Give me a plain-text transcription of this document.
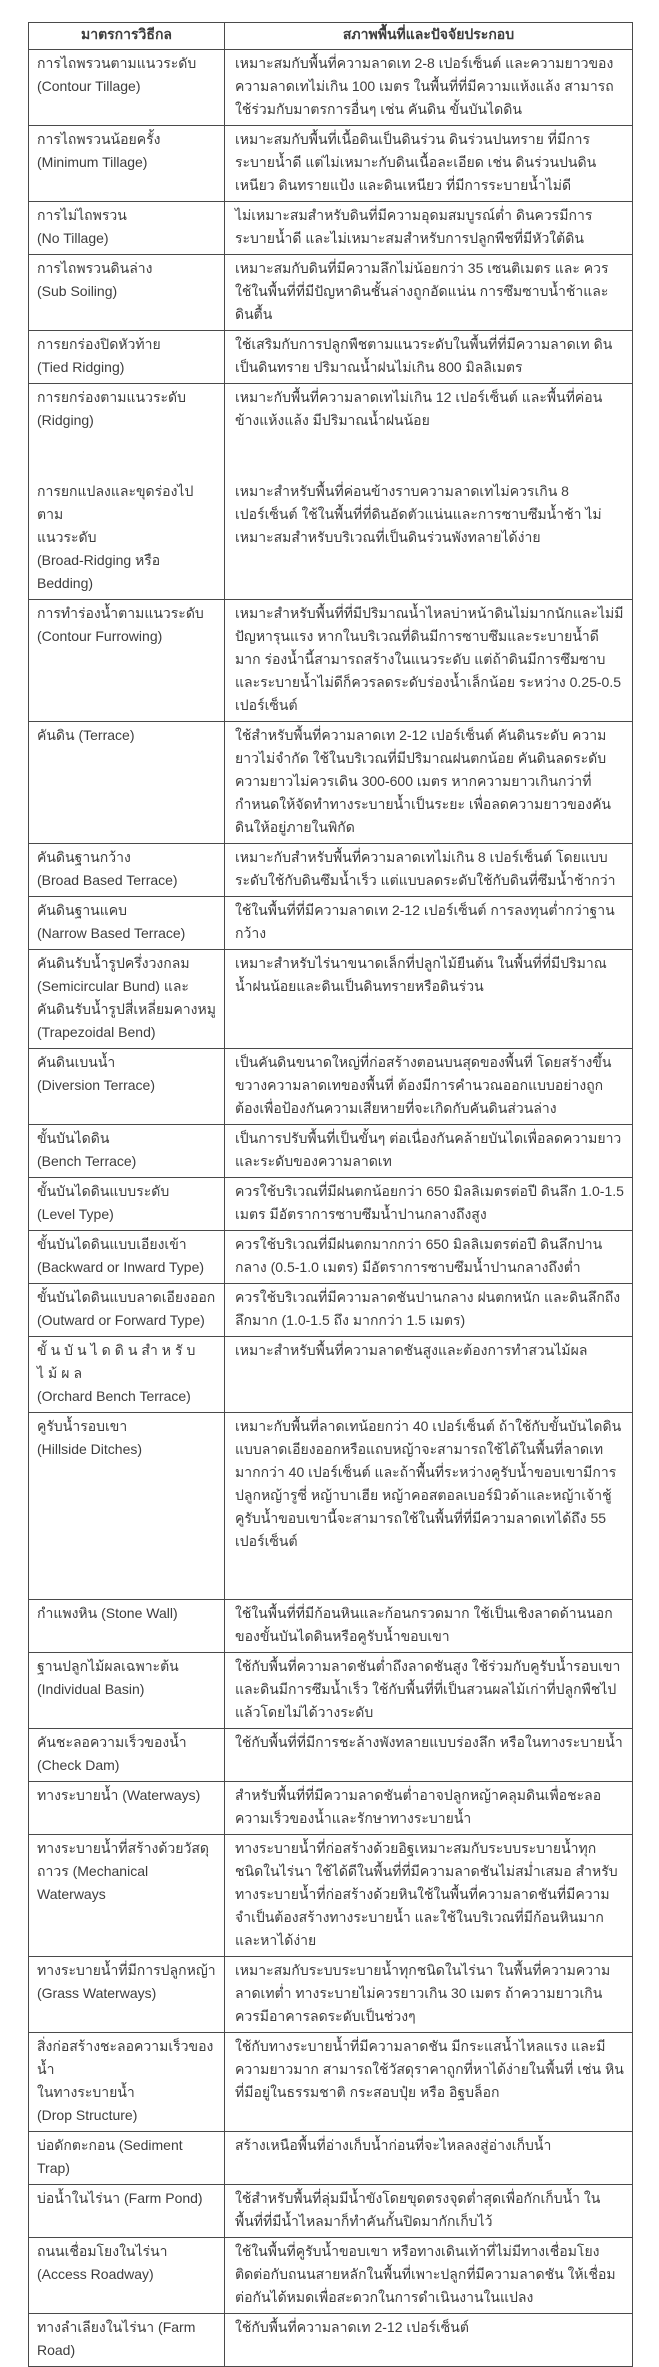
มาตรการวิธีกล	สภาพพื้นที่และปัจจัยประกอบ

การไถพรวนตามแนวระดับ
(Contour Tillage)	เหมาะสมกับพื้นที่ความลาดเท 2-8 เปอร์เซ็นต์ และความยาวของความลาดเทไม่เกิน 100 เมตร ในพื้นที่ที่มีความแห้งแล้ง สามารถใช้ร่วมกับมาตรการอื่นๆ เช่น คันดิน ขั้นบันไดดิน

การไถพรวนน้อยครั้ง
(Minimum Tillage)	เหมาะสมกับพื้นที่เนื้อดินเป็นดินร่วน ดินร่วนปนทราย ที่มีการระบายน้ำดี แต่ไม่เหมาะกับดินเนื้อละเอียด เช่น ดินร่วนปนดินเหนียว ดินทรายแป้ง และดินเหนียว ที่มีการระบายน้ำไม่ดี

การไม่ไถพรวน
(No Tillage)	ไม่เหมาะสมสำหรับดินที่มีความอุดมสมบูรณ์ต่ำ ดินควรมีการระบายน้ำดี และไม่เหมาะสมสำหรับการปลูกพืชที่มีหัวใต้ดิน

การไถพรวนดินล่าง
(Sub Soiling)	เหมาะสมกับดินที่มีความลึกไม่น้อยกว่า 35 เซนติเมตร และ ควรใช้ในพื้นที่ที่มีปัญหาดินชั้นล่างถูกอัดแน่น การซึมซาบน้ำช้าและดินตื้น

การยกร่องปิดหัวท้าย
(Tied Ridging)	ใช้เสริมกับการปลูกพืชตามแนวระดับในพื้นที่ที่มีความลาดเท ดินเป็นดินทราย ปริมาณน้ำฝนไม่เกิน 800 มิลลิเมตร

การยกร่องตามแนวระดับ
(Ridging)	เหมาะกับพื้นที่ความลาดเทไม่เกิน 12 เปอร์เซ็นต์ และพื้นที่ค่อนข้างแห้งแล้ง มีปริมาณน้ำฝนน้อย

การยกแปลงและขุดร่องไปตาม
แนวระดับ
(Broad-Ridging หรือ Bedding)	เหมาะสำหรับพื้นที่ค่อนข้างราบความลาดเทไม่ควรเกิน 8 เปอร์เซ็นต์ ใช้ในพื้นที่ที่ดินอัดตัวแน่นและการซาบซึมน้ำช้า ไม่เหมาะสมสำหรับบริเวณที่เป็นดินร่วนพังทลายได้ง่าย

การทำร่องน้ำตามแนวระดับ
(Contour Furrowing)	เหมาะสำหรับพื้นที่ที่มีปริมาณน้ำไหลบ่าหน้าดินไม่มากนักและไม่มีปัญหารุนแรง หากในบริเวณที่ดินมีการซาบซึมและระบายน้ำดีมาก ร่องน้ำนี้สามารถสร้างในแนวระดับ แต่ถ้าดินมีการซึมซาบและระบายน้ำไม่ดีก็ควรลดระดับร่องน้ำเล็กน้อย ระหว่าง 0.25-0.5 เปอร์เซ็นต์

คันดิน (Terrace)	ใช้สำหรับพื้นที่ความลาดเท 2-12 เปอร์เซ็นต์ คันดินระดับ ความยาวไม่จำกัด ใช้ในบริเวณที่มีปริมาณฝนตกน้อย คันดินลดระดับ ความยาวไม่ควรเดิน 300-600 เมตร หากความยาวเกินกว่าที่กำหนดให้จัดทำทางระบายน้ำเป็นระยะ เพื่อลดความยาวของคันดินให้อยู่ภายในพิกัด

คันดินฐานกว้าง
(Broad Based Terrace)	เหมาะกับสำหรับพื้นที่ความลาดเทไม่เกิน 8 เปอร์เซ็นต์ โดยแบบระดับใช้กับดินซึมน้ำเร็ว แต่แบบลดระดับใช้กับดินที่ซึมน้ำช้ากว่า

คันดินฐานแคบ
(Narrow Based Terrace)	ใช้ในพื้นที่ที่มีความลาดเท 2-12 เปอร์เซ็นต์ การลงทุนต่ำกว่าฐานกว้าง

คันดินรับน้ำรูปครึ่งวงกลม
(Semicircular Bund) และ
คันดินรับน้ำรูปสี่เหลี่ยมคางหมู
(Trapezoidal Bend)	เหมาะสำหรับไร่นาขนาดเล็กที่ปลูกไม้ยืนต้น ในพื้นที่ที่มีปริมาณน้ำฝนน้อยและดินเป็นดินทรายหรือดินร่วน

คันดินเบนน้ำ
(Diversion Terrace)	เป็นคันดินขนาดใหญ่ที่ก่อสร้างตอนบนสุดของพื้นที่ โดยสร้างขึ้นขวางความลาดเทของพื้นที่ ต้องมีการคำนวณออกแบบอย่างถูกต้องเพื่อป้องกันความเสียหายที่จะเกิดกับคันดินส่วนล่าง

ขั้นบันไดดิน
(Bench Terrace)	เป็นการปรับพื้นที่เป็นขั้นๆ ต่อเนื่องกันคล้ายบันไดเพื่อลดความยาวและระดับของความลาดเท

ขั้นบันไดดินแบบระดับ
(Level Type)	ควรใช้บริเวณที่มีฝนตกน้อยกว่า 650 มิลลิเมตรต่อปี ดินลึก 1.0-1.5 เมตร มีอัตราการซาบซึมน้ำปานกลางถึงสูง

ขั้นบันไดดินแบบเอียงเข้า
(Backward or Inward Type)	ควรใช้บริเวณที่มีฝนตกมากกว่า 650 มิลลิเมตรต่อปี ดินลึกปานกลาง (0.5-1.0 เมตร) มีอัตราการซาบซึมน้ำปานกลางถึงต่ำ

ขั้นบันไดดินแบบลาดเอียงออก
(Outward or Forward Type)	ควรใช้บริเวณที่มีความลาดชันปานกลาง ฝนตกหนัก และดินลึกถึงลึกมาก (1.0-1.5 ถึง มากกว่า 1.5 เมตร)

ขั้นบันไดดินสำหรับไม้ผล
(Orchard Bench Terrace)	เหมาะสำหรับพื้นที่ความลาดชันสูงและต้องการทำสวนไม้ผล

คูรับน้ำรอบเขา
(Hillside Ditches)	เหมาะกับพื้นที่ลาดเทน้อยกว่า 40 เปอร์เซ็นต์ ถ้าใช้กับขั้นบันไดดินแบบลาดเอียงออกหรือแถบหญ้าจะสามารถใช้ได้ในพื้นที่ลาดเทมากกว่า 40 เปอร์เซ็นต์ และถ้าพื้นที่ระหว่างคูรับน้ำขอบเขามีการปลูกหญ้ารูซี่ หญ้าบาเฮีย หญ้าคอสตอลเบอร์มิวด้าและหญ้าเจ้าชู้ คูรับน้ำขอบเขานี้จะสามารถใช้ในพื้นที่ที่มีความลาดเทได้ถึง 55 เปอร์เซ็นต์

กำแพงหิน (Stone Wall)	ใช้ในพื้นที่ที่มีก้อนหินและก้อนกรวดมาก ใช้เป็นเชิงลาดด้านนอกของขั้นบันไดดินหรือคูรับน้ำขอบเขา

ฐานปลูกไม้ผลเฉพาะต้น
(Individual Basin)	ใช้กับพื้นที่ความลาดชันต่ำถึงลาดชันสูง ใช้ร่วมกับคูรับน้ำรอบเขาและดินมีการซึมน้ำเร็ว ใช้กับพื้นที่ที่เป็นสวนผลไม้เก่าที่ปลูกพืชไปแล้วโดยไม่ได้วางระดับ

คันชะลอความเร็วของน้ำ
(Check Dam)	ใช้กับพื้นที่ที่มีการชะล้างพังทลายแบบร่องลึก หรือในทางระบายน้ำ

ทางระบายน้ำ (Waterways)	สำหรับพื้นที่ที่มีความลาดชันต่ำอาจปลูกหญ้าคลุมดินเพื่อชะลอความเร็วของน้ำและรักษาทางระบายน้ำ

ทางระบายน้ำที่สร้างด้วยวัสดุ
ถาวร (Mechanical Waterways	ทางระบายน้ำที่ก่อสร้างด้วยอิฐเหมาะสมกับระบบระบายน้ำทุกชนิดในไร่นา ใช้ได้ดีในพื้นที่ที่มีความลาดชันไม่สม่ำเสมอ สำหรับทางระบายน้ำที่ก่อสร้างด้วยหินใช้ในพื้นที่ความลาดชันที่มีความจำเป็นต้องสร้างทางระบายน้ำ และใช้ในบริเวณที่มีก้อนหินมากและหาได้ง่าย

ทางระบายน้ำที่มีการปลูกหญ้า
(Grass Waterways)	เหมาะสมกับระบบระบายน้ำทุกชนิดในไร่นา ในพื้นที่ความความลาดเทต่ำ ทางระบายไม่ควรยาวเกิน 30 เมตร ถ้าความยาวเกินควรมีอาคารลดระดับเป็นช่วงๆ

สิ่งก่อสร้างชะลอความเร็วของน้ำ
ในทางระบายน้ำ
(Drop Structure)	ใช้กับทางระบายน้ำที่มีความลาดชัน มีกระแสน้ำไหลแรง และมีความยาวมาก สามารถใช้วัสดุราคาถูกที่หาได้ง่ายในพื้นที่ เช่น หินที่มีอยู่ในธรรมชาติ กระสอบปุ๋ย หรือ อิฐบล็อก

บ่อดักตะกอน (Sediment Trap)	สร้างเหนือพื้นที่อ่างเก็บน้ำก่อนที่จะไหลลงสู่อ่างเก็บน้ำ

บ่อน้ำในไร่นา (Farm Pond)	ใช้สำหรับพื้นที่ลุ่มมีน้ำขังโดยขุดตรงจุดต่ำสุดเพื่อกักเก็บน้ำ ในพื้นที่ที่มีน้ำไหลมาก็ทำคันกั้นปิดมากักเก็บไว้

ถนนเชื่อมโยงในไร่นา
(Access Roadway)	ใช้ในพื้นที่คูรับน้ำขอบเขา หรือทางเดินเท้าที่ไม่มีทางเชื่อมโยงติดต่อกับถนนสายหลักในพื้นที่เพาะปลูกที่มีความลาดชัน ให้เชื่อมต่อกันได้หมดเพื่อสะดวกในการดำเนินงานในแปลง

ทางลำเลียงในไร่นา (Farm Road)	ใช้กับพื้นที่ความลาดเท 2-12 เปอร์เซ็นต์
